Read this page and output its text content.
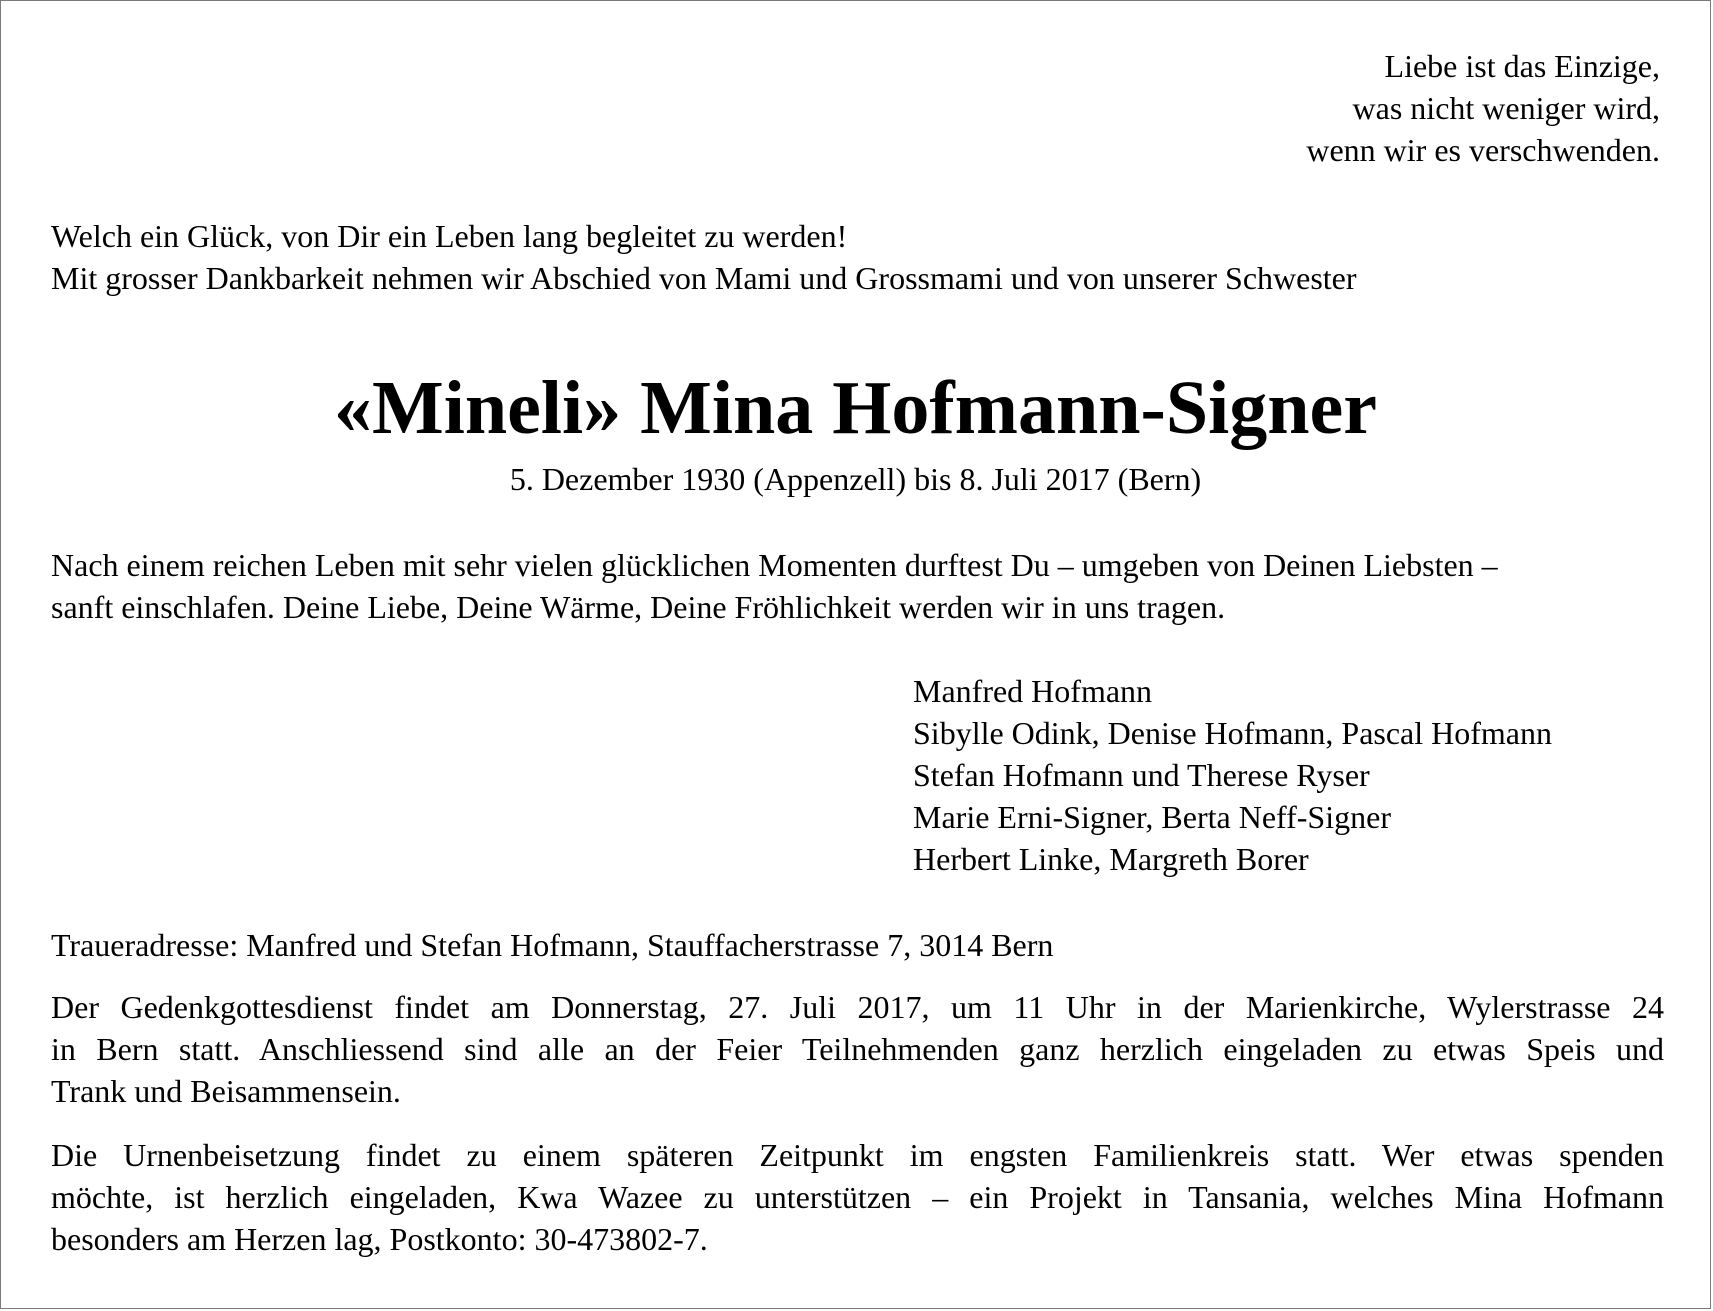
Liebe ist das Einzige,
was nicht weniger wird,
wenn wir es verschwenden.
Welch ein Glück, von Dir ein Leben lang begleitet zu werden!
Mit grosser Dankbarkeit nehmen wir Abschied von Mami und Grossmami und von unserer Schwester
«Mineli» Mina Hofmann-Signer
5. Dezember 1930 (Appenzell) bis 8. Juli 2017 (Bern)
Nach einem reichen Leben mit sehr vielen glücklichen Momenten durftest Du – umgeben von Deinen Liebsten –
sanft einschlafen. Deine Liebe, Deine Wärme, Deine Fröhlichkeit werden wir in uns tragen.
Manfred Hofmann
Sibylle Odink, Denise Hofmann, Pascal Hofmann
Stefan Hofmann und Therese Ryser
Marie Erni-Signer, Berta Neff-Signer
Herbert Linke, Margreth Borer
Traueradresse: Manfred und Stefan Hofmann, Stauffacherstrasse 7, 3014 Bern
Der Gedenkgottesdienst findet am Donnerstag, 27. Juli 2017, um 11 Uhr in der Marienkirche, Wylerstrasse 24
in Bern statt. Anschliessend sind alle an der Feier Teilnehmenden ganz herzlich eingeladen zu etwas Speis und
Trank und Beisammensein.
Die Urnenbeisetzung findet zu einem späteren Zeitpunkt im engsten Familienkreis statt. Wer etwas spenden
möchte, ist herzlich eingeladen, Kwa Wazee zu unterstützen – ein Projekt in Tansania, welches Mina Hofmann
besonders am Herzen lag, Postkonto: 30-473802-7.
